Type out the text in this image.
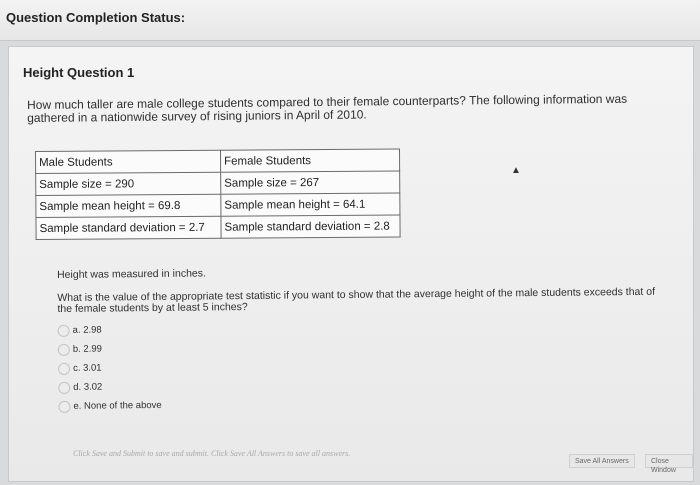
Question Completion Status:
Height Question 1
How much taller are male college students compared to their female counterparts? The following information was gathered in a nationwide survey of rising juniors in April of 2010.
Male Students	Female Students
Sample size = 290	Sample size = 267
Sample mean height = 69.8	Sample mean height = 64.1
Sample standard deviation = 2.7	Sample standard deviation = 2.8
▲
Height was measured in inches.
What is the value of the appropriate test statistic if you want to show that the average height of the male students exceeds that of the female students by at least 5 inches?
a. 2.98
b. 2.99
c. 3.01
d. 3.02
e. None of the above
Click Save and Submit to save and submit. Click Save All Answers to save all answers.
Save All Answers	Close Window
